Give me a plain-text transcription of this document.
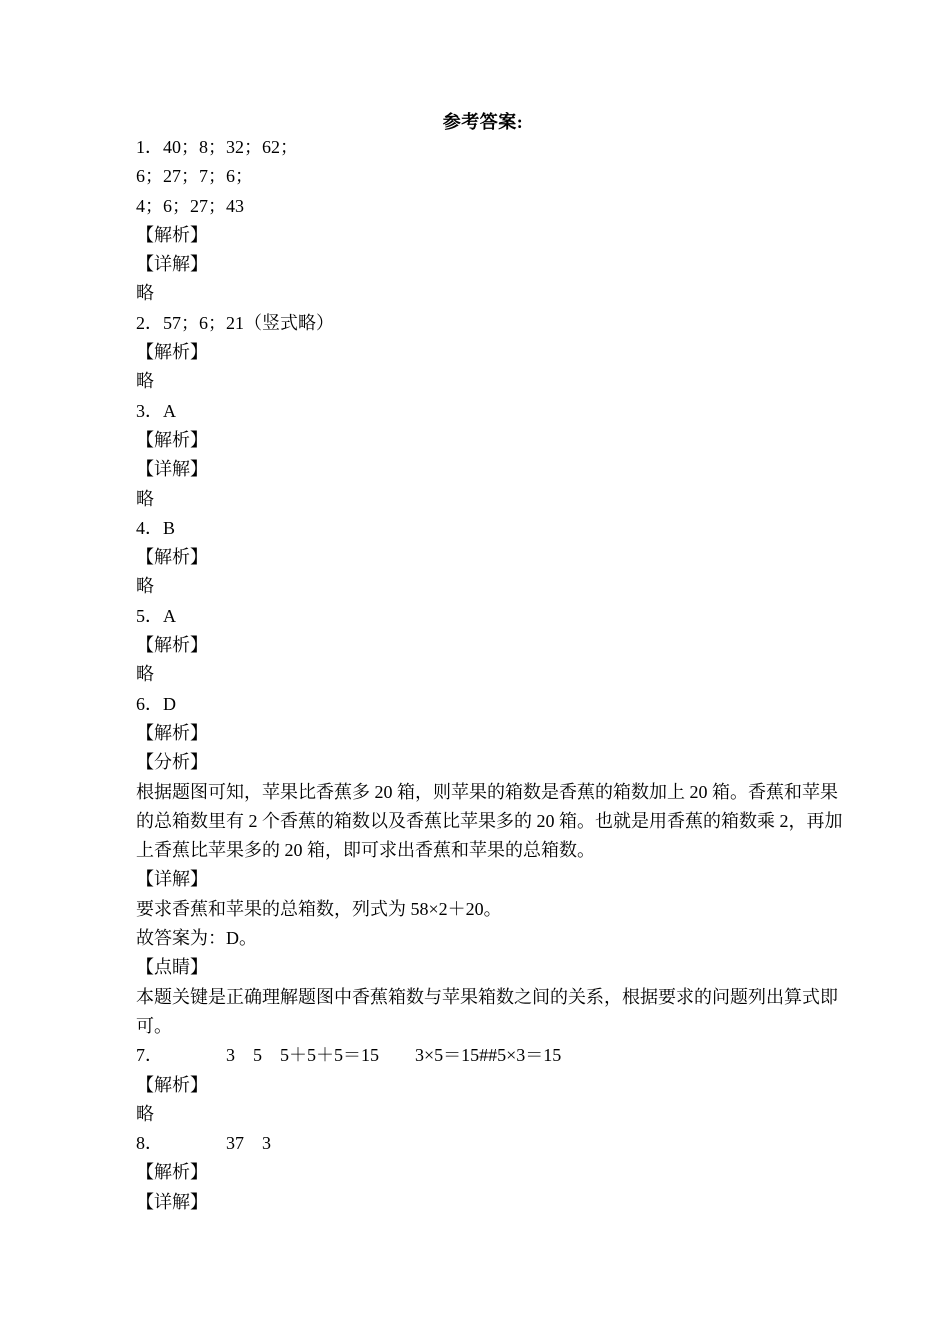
参考答案:
1．40；8；32；62；
6；27；7；6；
4；6；27；43
【解析】
【详解】
略
2．57；6；21（竖式略）
【解析】
略
3．A
【解析】
【详解】
略
4．B
【解析】
略
5．A
【解析】
略
6．D
【解析】
【分析】
根据题图可知，苹果比香蕉多 20 箱，则苹果的箱数是香蕉的箱数加上 20 箱。香蕉和苹果
的总箱数里有 2 个香蕉的箱数以及香蕉比苹果多的 20 箱。也就是用香蕉的箱数乘 2，再加
上香蕉比苹果多的 20 箱，即可求出香蕉和苹果的总箱数。
【详解】
要求香蕉和苹果的总箱数，列式为 58×2＋20。
故答案为：D。
【点睛】
本题关键是正确理解题图中香蕉箱数与苹果箱数之间的关系，根据要求的问题列出算式即
可。
7．　　　　3　5　5＋5＋5＝15　　3×5＝15##5×3＝15
【解析】
略
8．　　　　37　3
【解析】
【详解】
